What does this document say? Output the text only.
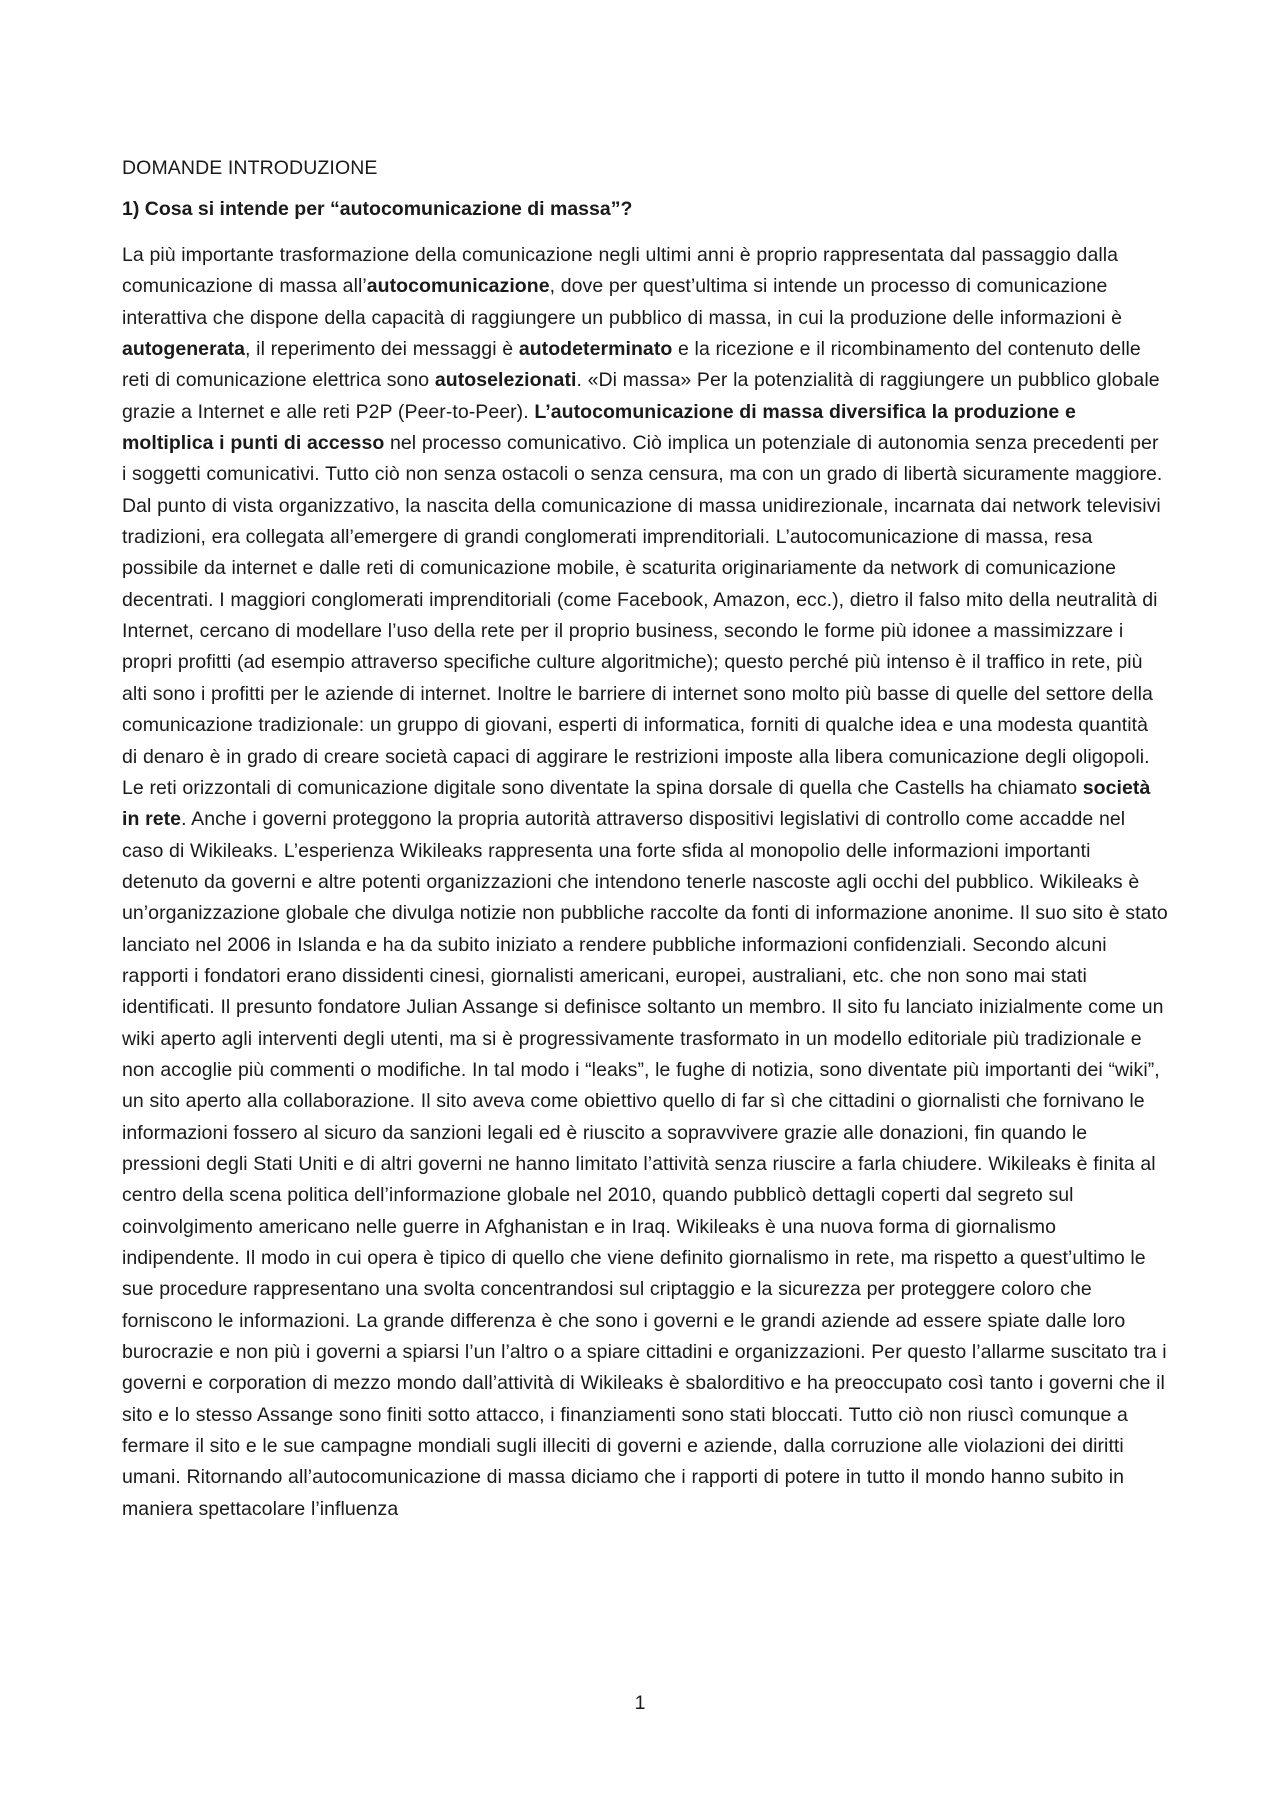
DOMANDE INTRODUZIONE

1) Cosa si intende per “autocomunicazione di massa”?

La più importante trasformazione della comunicazione negli ultimi anni è proprio rappresentata dal passaggio dalla comunicazione di massa all’autocomunicazione, dove per quest’ultima si intende un processo di comunicazione interattiva che dispone della capacità di raggiungere un pubblico di massa, in cui la produzione delle informazioni è autogenerata, il reperimento dei messaggi è autodeterminato e la ricezione e il ricombinamento del contenuto delle reti di comunicazione elettrica sono autoselezionati. «Di massa» Per la potenzialità di raggiungere un pubblico globale grazie a Internet e alle reti P2P (Peer-to-Peer). L’autocomunicazione di massa diversifica la produzione e moltiplica i punti di accesso nel processo comunicativo. Ciò implica un potenziale di autonomia senza precedenti per i soggetti comunicativi. Tutto ciò non senza ostacoli o senza censura, ma con un grado di libertà sicuramente maggiore. Dal punto di vista organizzativo, la nascita della comunicazione di massa unidirezionale, incarnata dai network televisivi tradizioni, era collegata all’emergere di grandi conglomerati imprenditoriali. L’autocomunicazione di massa, resa possibile da internet e dalle reti di comunicazione mobile, è scaturita originariamente da network di comunicazione decentrati. I maggiori conglomerati imprenditoriali (come Facebook, Amazon, ecc.), dietro il falso mito della neutralità di Internet, cercano di modellare l’uso della rete per il proprio business, secondo le forme più idonee a massimizzare i propri profitti (ad esempio attraverso specifiche culture algoritmiche); questo perché più intenso è il traffico in rete, più alti sono i profitti per le aziende di internet. Inoltre le barriere di internet sono molto più basse di quelle del settore della comunicazione tradizionale: un gruppo di giovani, esperti di informatica, forniti di qualche idea e una modesta quantità di denaro è in grado di creare società capaci di aggirare le restrizioni imposte alla libera comunicazione degli oligopoli. Le reti orizzontali di comunicazione digitale sono diventate la spina dorsale di quella che Castells ha chiamato società in rete. Anche i governi proteggono la propria autorità attraverso dispositivi legislativi di controllo come accadde nel caso di Wikileaks. L’esperienza Wikileaks rappresenta una forte sfida al monopolio delle informazioni importanti detenuto da governi e altre potenti organizzazioni che intendono tenerle nascoste agli occhi del pubblico. Wikileaks è un’organizzazione globale che divulga notizie non pubbliche raccolte da fonti di informazione anonime. Il suo sito è stato lanciato nel 2006 in Islanda e ha da subito iniziato a rendere pubbliche informazioni confidenziali. Secondo alcuni rapporti i fondatori erano dissidenti cinesi, giornalisti americani, europei, australiani, etc. che non sono mai stati identificati. Il presunto fondatore Julian Assange si definisce soltanto un membro. Il sito fu lanciato inizialmente come un wiki aperto agli interventi degli utenti, ma si è progressivamente trasformato in un modello editoriale più tradizionale e non accoglie più commenti o modifiche. In tal modo i “leaks”, le fughe di notizia, sono diventate più importanti dei “wiki”, un sito aperto alla collaborazione. Il sito aveva come obiettivo quello di far sì che cittadini o giornalisti che fornivano le informazioni fossero al sicuro da sanzioni legali ed è riuscito a sopravvivere grazie alle donazioni, fin quando le pressioni degli Stati Uniti e di altri governi ne hanno limitato l’attività senza riuscire a farla chiudere. Wikileaks è finita al centro della scena politica dell’informazione globale nel 2010, quando pubblicò dettagli coperti dal segreto sul coinvolgimento americano nelle guerre in Afghanistan e in Iraq. Wikileaks è una nuova forma di giornalismo indipendente. Il modo in cui opera è tipico di quello che viene definito giornalismo in rete, ma rispetto a quest’ultimo le sue procedure rappresentano una svolta concentrandosi sul criptaggio e la sicurezza per proteggere coloro che forniscono le informazioni. La grande differenza è che sono i governi e le grandi aziende ad essere spiate dalle loro burocrazie e non più i governi a spiarsi l’un l’altro o a spiare cittadini e organizzazioni. Per questo l’allarme suscitato tra i governi e corporation di mezzo mondo dall’attività di Wikileaks è sbalorditivo e ha preoccupato così tanto i governi che il sito e lo stesso Assange sono finiti sotto attacco, i finanziamenti sono stati bloccati. Tutto ciò non riuscì comunque a fermare il sito e le sue campagne mondiali sugli illeciti di governi e aziende, dalla corruzione alle violazioni dei diritti umani. Ritornando all’autocomunicazione di massa diciamo che i rapporti di potere in tutto il mondo hanno subito in maniera spettacolare l’influenza

1
